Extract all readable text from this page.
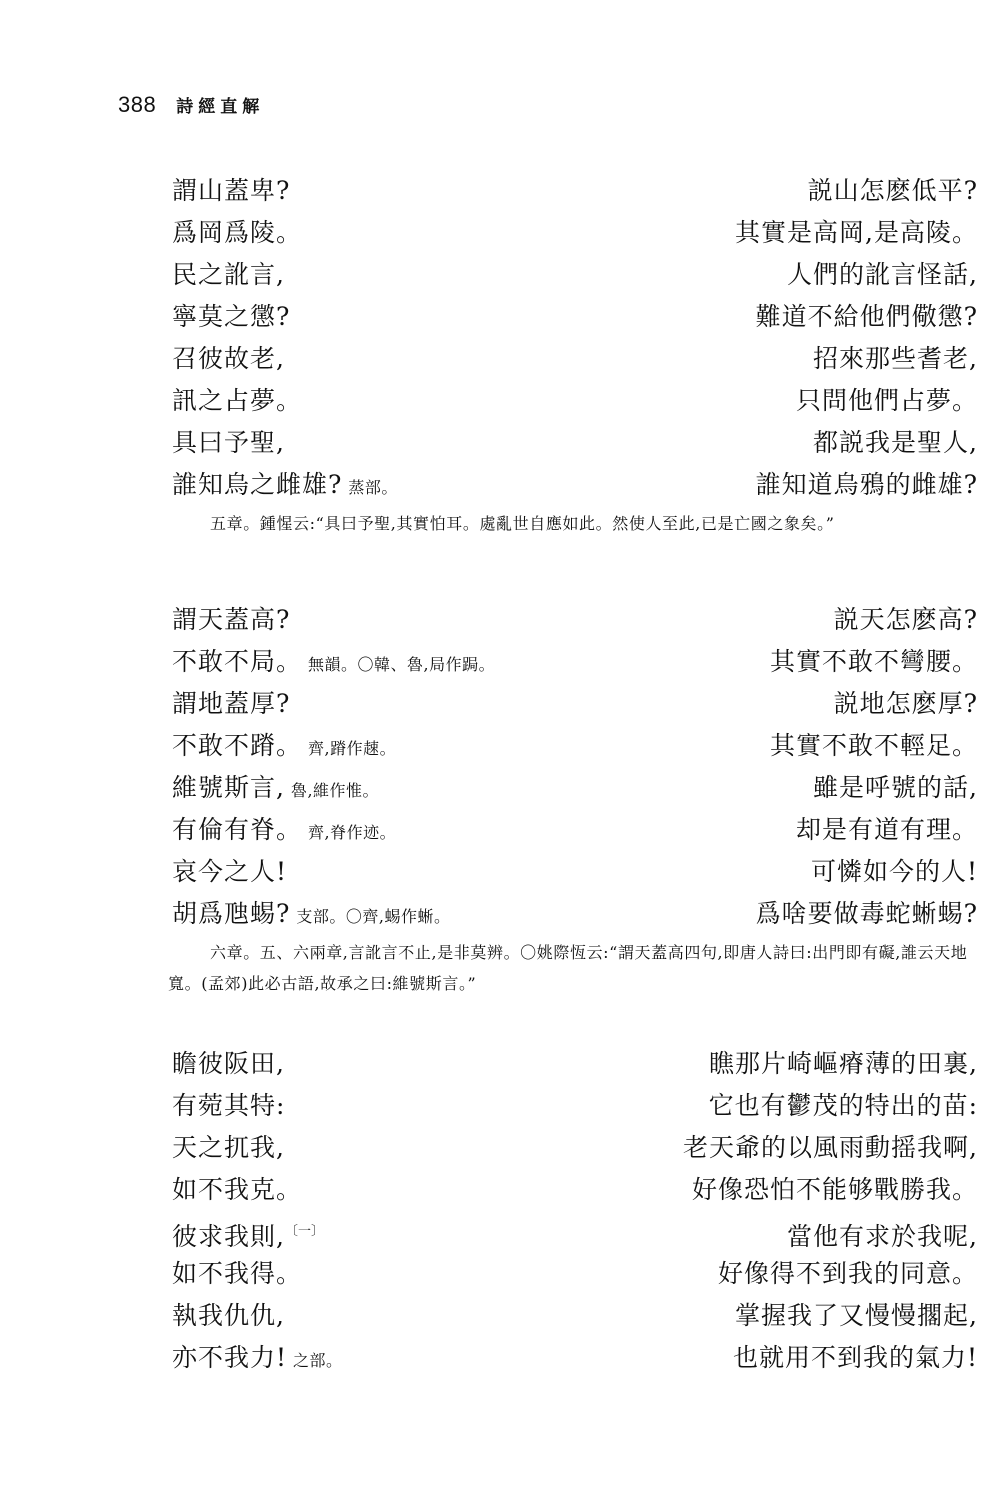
388 詩經直解
謂山蓋卑?	説山怎麽低平?
爲岡爲陵。	其實是高岡,是高陵。
民之訛言,	人們的訛言怪話,
寧莫之懲?	難道不給他們儆懲?
召彼故老,	招來那些耆老,
訊之占夢。	只問他們占夢。
具曰予聖,	都説我是聖人,
誰知烏之雌雄? 蒸部。	誰知道烏鴉的雌雄?
五章。鍾惺云:“具曰予聖,其實怕耳。處亂世自應如此。然使人至此,已是亡國之象矣。”
謂天蓋高?	説天怎麽高?
不敢不局。 無韻。〇韓、魯,局作跼。	其實不敢不彎腰。
謂地蓋厚?	説地怎麽厚?
不敢不蹐。 齊,蹐作趚。	其實不敢不輕足。
維號斯言, 魯,維作惟。	雖是呼號的話,
有倫有脊。 齊,脊作迹。	却是有道有理。
哀今之人!	可憐如今的人!
胡爲虺蜴? 支部。〇齊,蜴作蜥。	爲啥要做毒蛇蜥蜴?
六章。五、六兩章,言訛言不止,是非莫辨。〇姚際恆云:“謂天蓋高四句,即唐人詩曰:出門即有礙,誰云天地寬。(孟郊)此必古語,故承之曰:維號斯言。”
瞻彼阪田,	瞧那片崎嶇瘠薄的田裏,
有菀其特:	它也有鬱茂的特出的苗:
天之扤我,	老天爺的以風雨動摇我啊,
如不我克。	好像恐怕不能够戰勝我。
彼求我則,$^{〔一〕}$	當他有求於我呢,
如不我得。	好像得不到我的同意。
執我仇仇,	掌握我了又慢慢擱起,
亦不我力! 之部。	也就用不到我的氣力!
